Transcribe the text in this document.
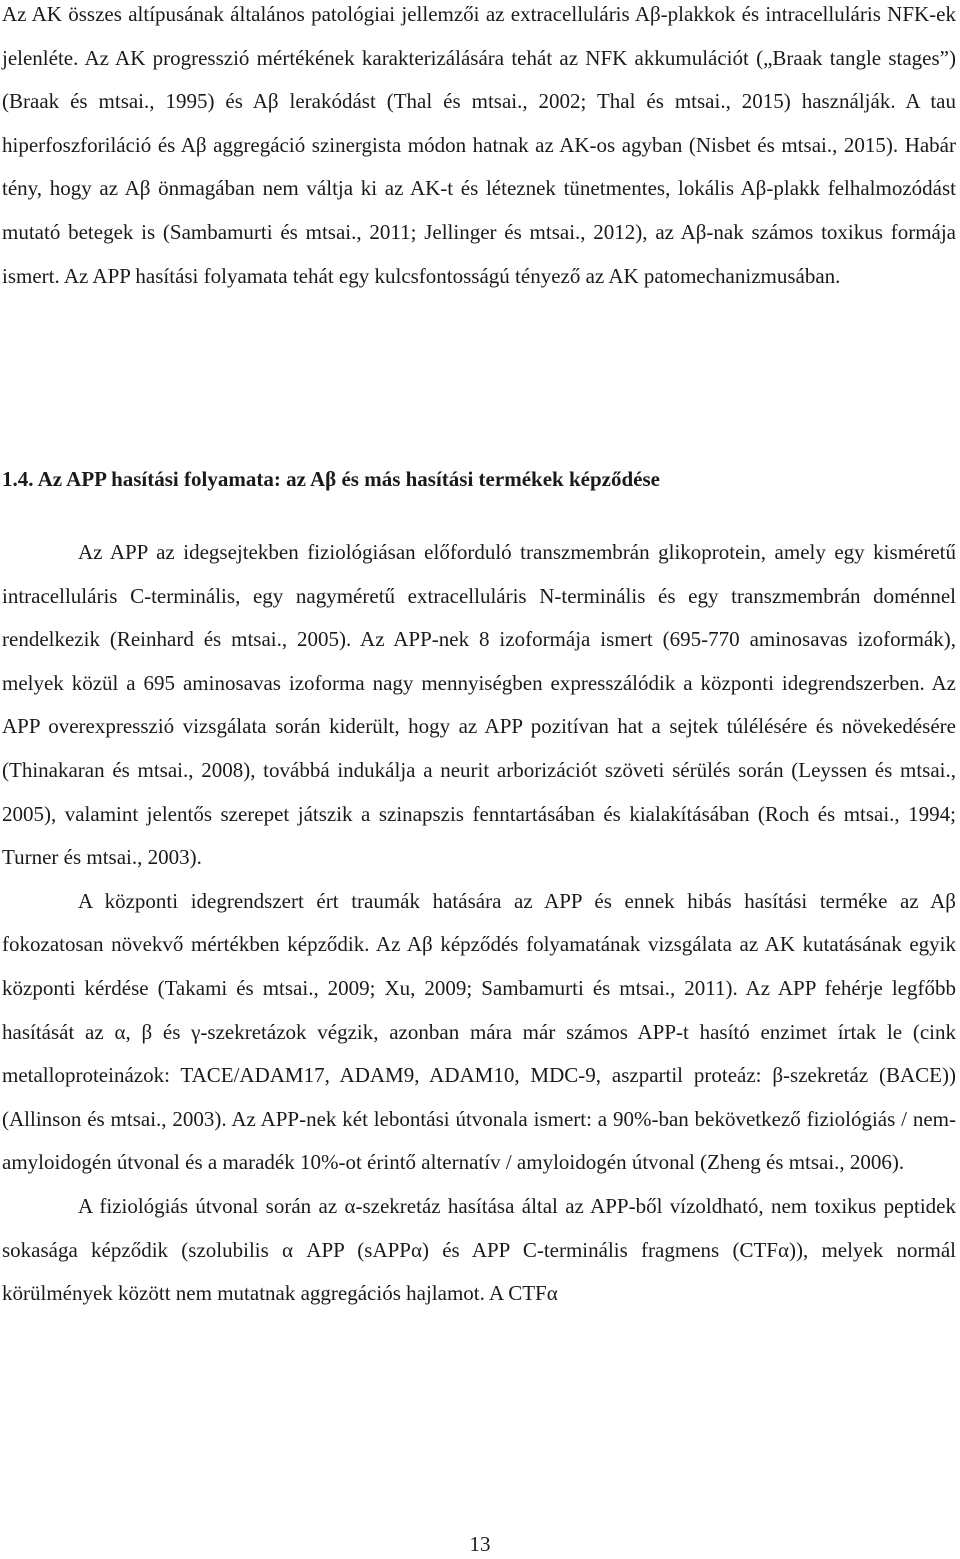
Az AK összes altípusának általános patológiai jellemzői az extracelluláris Aβ-plakkok és intracelluláris NFK-ek jelenléte. Az AK progresszió mértékének karakterizálására tehát az NFK akkumulációt („Braak tangle stages”) (Braak és mtsai., 1995) és Aβ lerakódást (Thal és mtsai., 2002; Thal és mtsai., 2015) használják. A tau hiperfoszforiláció és Aβ aggregáció szinergista módon hatnak az AK-os agyban (Nisbet és mtsai., 2015). Habár tény, hogy az Aβ önmagában nem váltja ki az AK-t és léteznek tünetmentes, lokális Aβ-plakk felhalmozódást mutató betegek is (Sambamurti és mtsai., 2011; Jellinger és mtsai., 2012), az Aβ-nak számos toxikus formája ismert. Az APP hasítási folyamata tehát egy kulcsfontosságú tényező az AK patomechanizmusában.

1.4. Az APP hasítási folyamata: az Aβ és más hasítási termékek képződése

Az APP az idegsejtekben fiziológiásan előforduló transzmembrán glikoprotein, amely egy kisméretű intracelluláris C-terminális, egy nagyméretű extracelluláris N-terminális és egy transzmembrán doménnel rendelkezik (Reinhard és mtsai., 2005). Az APP-nek 8 izoformája ismert (695-770 aminosavas izoformák), melyek közül a 695 aminosavas izoforma nagy mennyiségben expresszálódik a központi idegrendszerben. Az APP overexpresszió vizsgálata során kiderült, hogy az APP pozitívan hat a sejtek túlélésére és növekedésére (Thinakaran és mtsai., 2008), továbbá indukálja a neurit arborizációt szöveti sérülés során (Leyssen és mtsai., 2005), valamint jelentős szerepet játszik a szinapszis fenntartásában és kialakításában (Roch és mtsai., 1994; Turner és mtsai., 2003).

A központi idegrendszert ért traumák hatására az APP és ennek hibás hasítási terméke az Aβ fokozatosan növekvő mértékben képződik. Az Aβ képződés folyamatának vizsgálata az AK kutatásának egyik központi kérdése (Takami és mtsai., 2009; Xu, 2009; Sambamurti és mtsai., 2011). Az APP fehérje legfőbb hasítását az α, β és γ-szekretázok végzik, azonban mára már számos APP-t hasító enzimet írtak le (cink metalloproteinázok: TACE/ADAM17, ADAM9, ADAM10, MDC-9, aszpartil proteáz: β-szekretáz (BACE)) (Allinson és mtsai., 2003). Az APP-nek két lebontási útvonala ismert: a 90%-ban bekövetkező fiziológiás / nem-amyloidogén útvonal és a maradék 10%-ot érintő alternatív / amyloidogén útvonal (Zheng és mtsai., 2006).

A fiziológiás útvonal során az α-szekretáz hasítása által az APP-ből vízoldható, nem toxikus peptidek sokasága képződik (szolubilis α APP (sAPPα) és APP C-terminális fragmens (CTFα)), melyek normál körülmények között nem mutatnak aggregációs hajlamot. A CTFα

13
